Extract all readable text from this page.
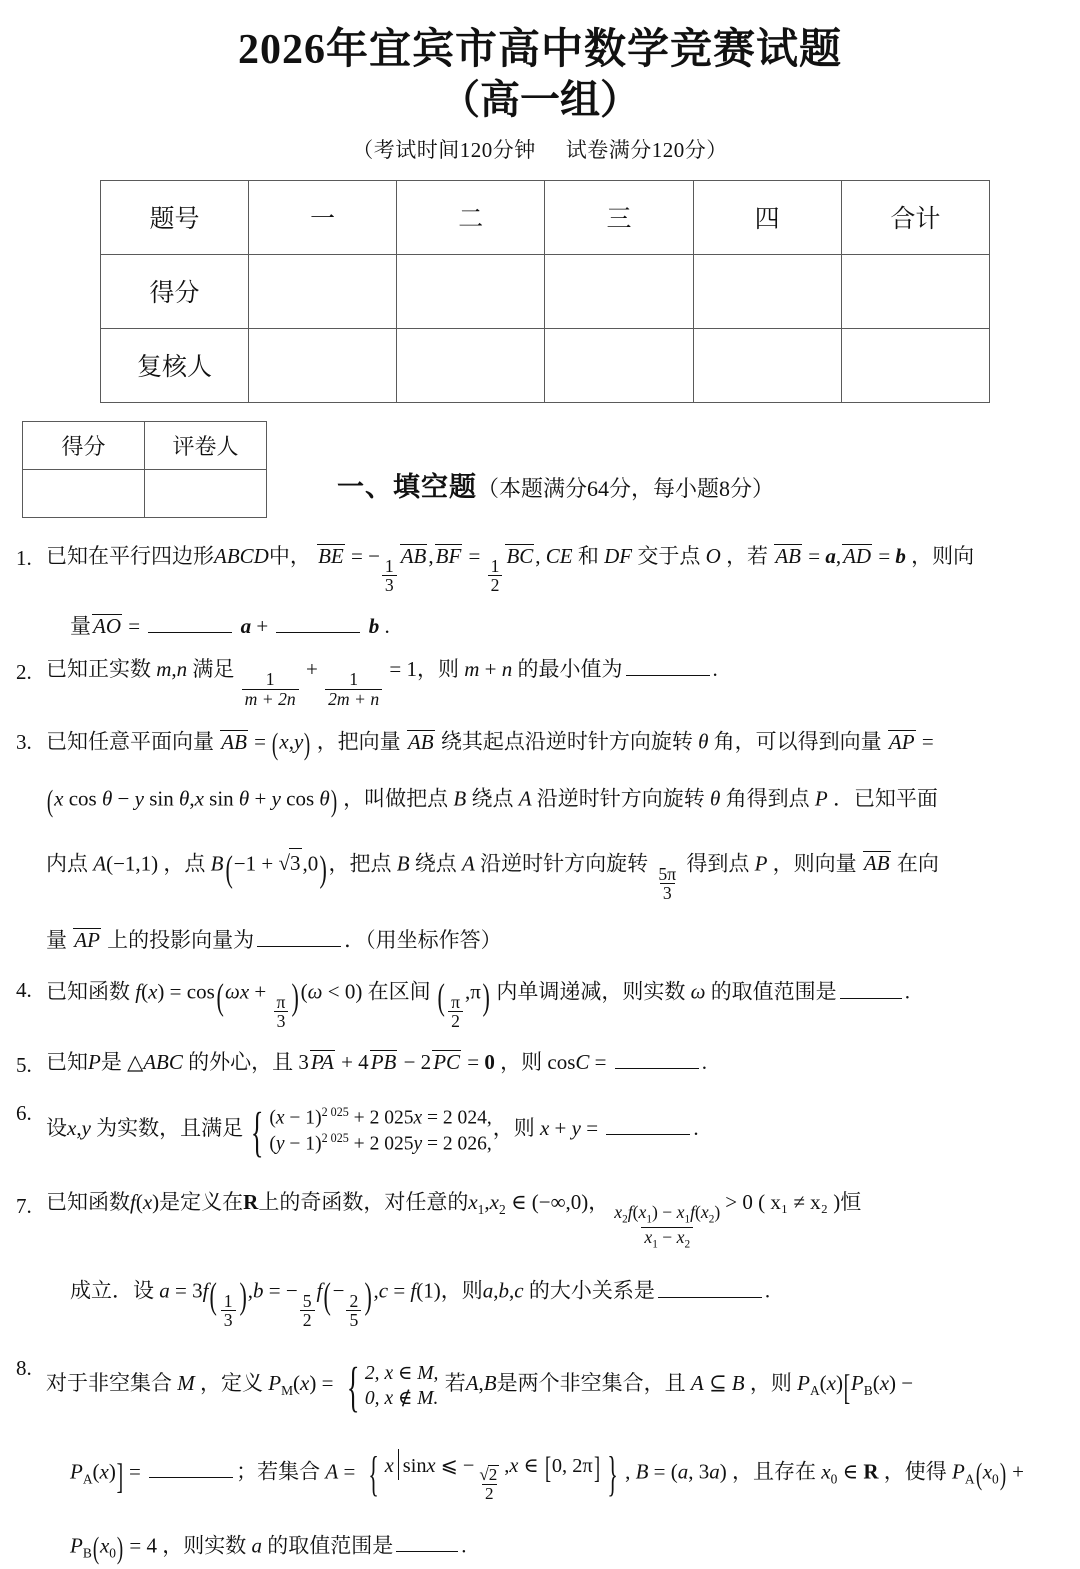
2026年宜宾市高中数学竞赛试题
（高一组）
（考试时间120分钟 试卷满分120分）
题号	一	二	三	四	合计
得分					
复核人					
得分	评卷人

一、填空题（本题满分64分，每小题8分）
1. 已知在平行四边形ABCD中， BE = −
$\frac{1}{3}$
AB,BF =
$\frac{1}{2}$
BC, CE 和 DF 交于点 O ，若 AB = a,AD = b ，则向
量AO =	a +	b .
2. 已知正实数 m,n 满足
$\frac{1}{m + 2n}$
+
$\frac{1}{2m + n}$
= 1，则 m + n 的最小值为	.
3. 已知任意平面向量 AB = (x,y) ，把向量 AB 绕其起点沿逆时针方向旋转 θ 角，可以得到向量 AP =
(x cos θ − y sin θ,x sin θ + y cos θ) ，叫做把点 B 绕点 A 沿逆时针方向旋转 θ 角得到点 P ．已知平面
内点 A(−1,1) ，点 B(−1 + √3,0)，把点 B 绕点 A 沿逆时针方向旋转
$\frac{5\pi}{3}$
得到点 P ，则向量 AB 在向
量 AP 上的投影向量为	．（用坐标作答）
4. 已知函数 f(x) = cos(ωx +
$\frac{\pi}{3} )(\omega < 0)$ 在区间 ( $\frac{\pi}{2}$
,π) 内单调递减，则实数 ω 的取值范围是	.
5. 已知P是 △ABC 的外心，且 3PA + 4PB − 2PC = 0 ，则 cosC =	.
6.
设x,y 为实数，且满足 { $(x - 1)^{2 025} + 2$ 025x = 2 024,
$(y - 1)^{2 025} + 2$ 025y = 2 026,
，则 x + y =	.
7. 已知函数f(x)是定义在R上的奇函数，对任意的$x_1,x_2$ ∈ (−∞,0)，
$\frac{x_2f(x_1) - x_1f(x_2)}{x_1 - x_2}$
> 0 ( x₁ ≠ x₂ )恒
成立．设 $a = 3f( \frac{1}{3} ),b$ = −
$\frac{5}{2}$
f(−
$\frac{2}{5} ),c = f(1)$，则a,b,c 的大小关系是	.
8.
对于非空集合 M ，定义 $P_M(x)$ = { 2, x ∈ M,
0, x ∉ M.
若A,B是两个非空集合，且 A ⊆ B ，则 $P_A(x)[P_B(x)$ −
$P_A(x)$] =	；若集合 A = { x sinx ⩽ − $\frac{√2}{2} ,x$ ∈ [0, 2π] } , B = (a, 3a) ，且存在 $x_0$ ∈ R ，使得 $P_A(x_0)$ +
$P_B(x_0) = 4$ ，则实数 a 的取值范围是	.
